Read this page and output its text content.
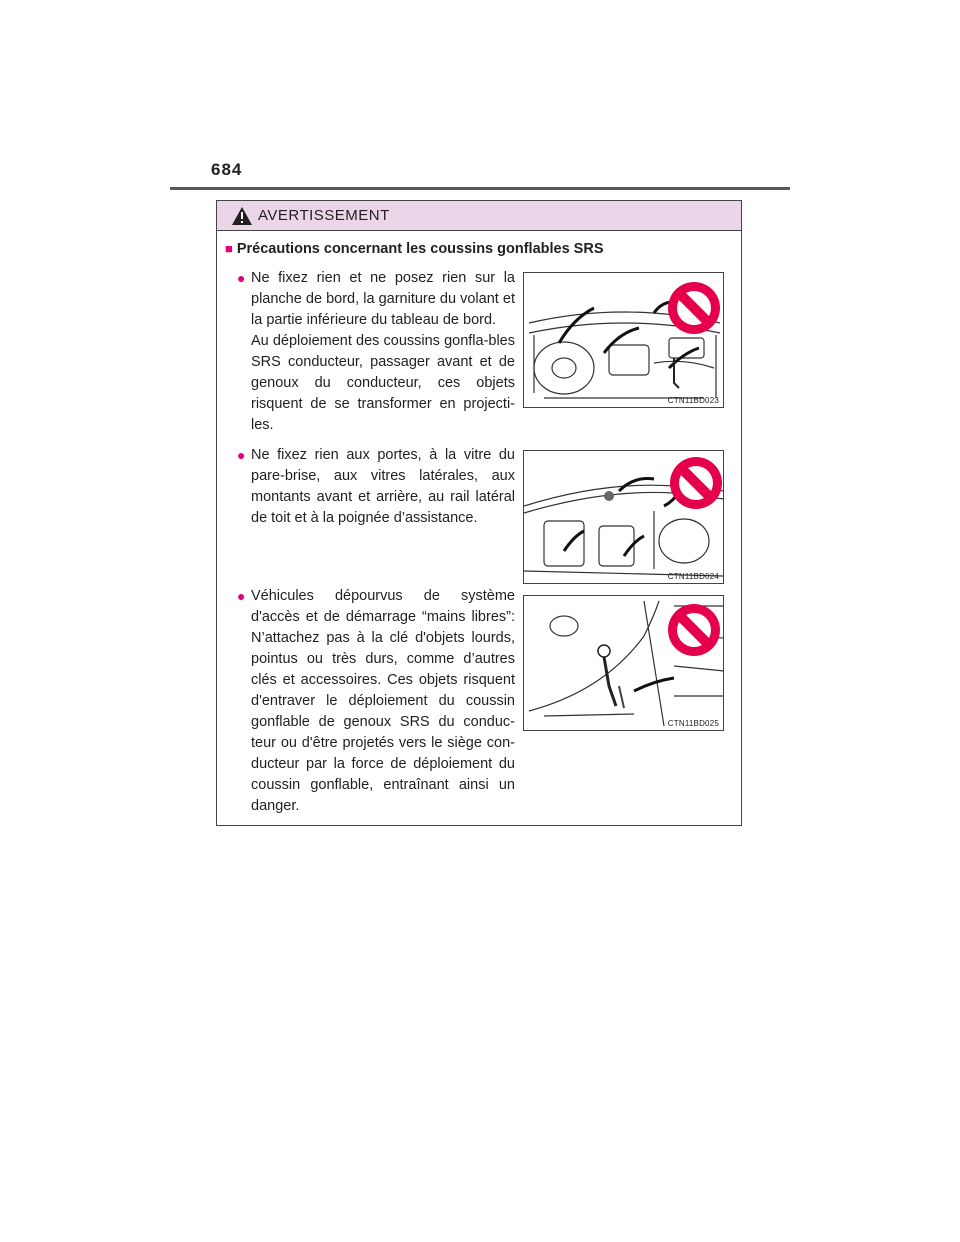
684
AVERTISSEMENT
■ Précautions concernant les coussins gonflables SRS
● Ne fixez rien et ne posez rien sur la planche de bord, la garniture du volant et la partie inférieure du tableau de bord.
Au déploiement des coussins gonfla-bles SRS conducteur, passager avant et de genoux du conducteur, ces objets risquent de se transformer en projecti-les.
CTN11BD023
● Ne fixez rien aux portes, à la vitre du pare-brise, aux vitres latérales, aux montants avant et arrière, au rail latéral de toit et à la poignée d’assistance.
CTN11BD024
● Véhicules dépourvus de système d'accès et de démarrage “mains libres”: N’attachez pas à la clé d'objets lourds, pointus ou très durs, comme d’autres clés et accessoires. Ces objets risquent d'entraver le déploiement du coussin gonflable de genoux SRS du conduc-teur ou d'être projetés vers le siège con-ducteur par la force de déploiement du coussin gonflable, entraînant ainsi un danger.
CTN11BD025
